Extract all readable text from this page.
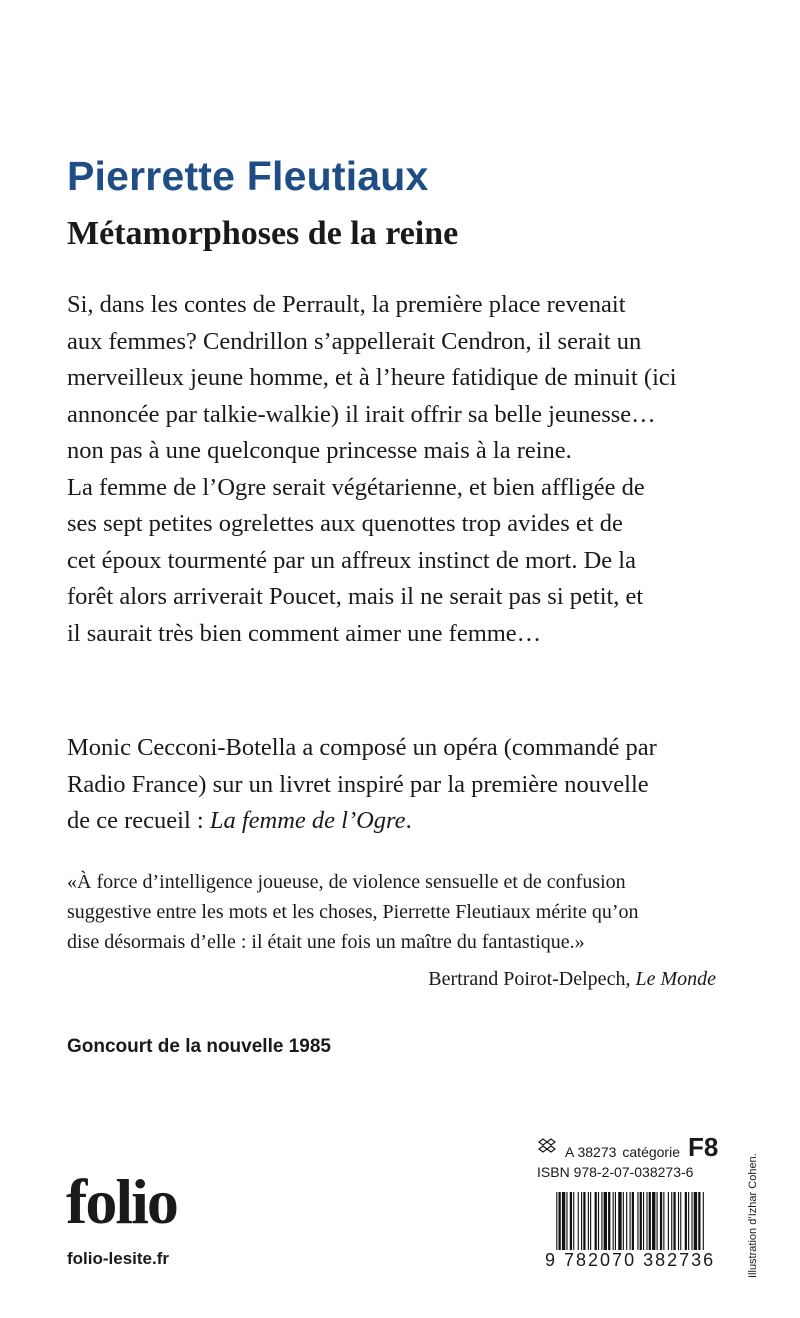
Pierrette Fleutiaux
Métamorphoses de la reine

Si, dans les contes de Perrault, la première place revenait

aux femmes? Cendrillon s’appellerait Cendron, il serait un

merveilleux jeune homme, et à l’heure fatidique de minuit (ici

annoncée par talkie-walkie) il irait offrir sa belle jeunesse…

non pas à une quelconque princesse mais à la reine.

La femme de l’Ogre serait végétarienne, et bien affligée de

ses sept petites ogrelettes aux quenottes trop avides et de

cet époux tourmenté par un affreux instinct de mort. De la

forêt alors arriverait Poucet, mais il ne serait pas si petit, et

il saurait très bien comment aimer une femme…

Monic Cecconi-Botella a composé un opéra (commandé par
Radio France) sur un livret inspiré par la première nouvelle
de ce recueil : La femme de l’Ogre.
«À force d’intelligence joueuse, de violence sensuelle et de confusion
suggestive entre les mots et les choses, Pierrette Fleutiaux mérite qu’on
dise désormais d’elle : il était une fois un maître du fantastique.»
Bertrand Poirot-Delpech, Le Monde
Goncourt de la nouvelle 1985
folio
folio-lesite.fr
A 38273 catégorie F8
ISBN 978-2-07-038273-6
9 782070 382736	Illustration d’Izhar Cohen.
